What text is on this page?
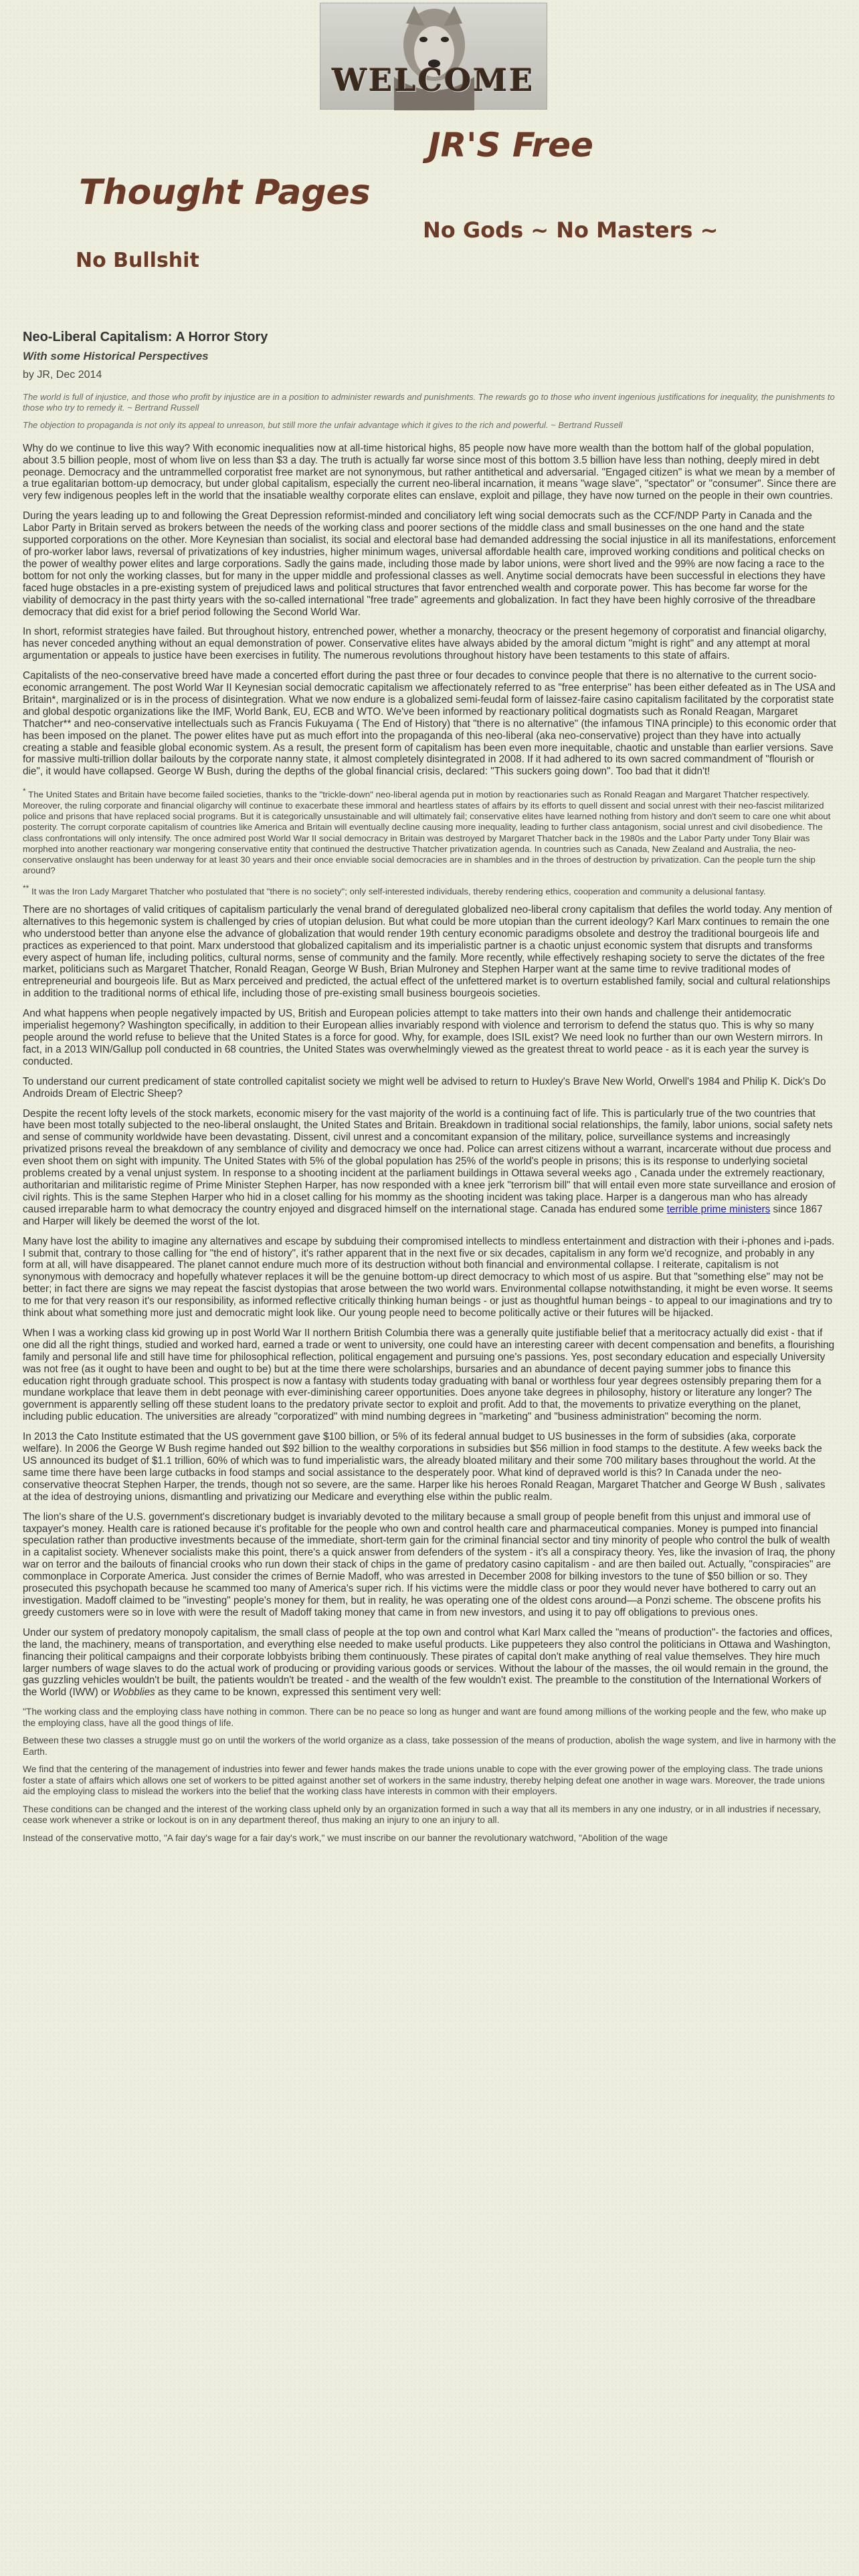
WELCOME
JR'S Free
Thought Pages
No Gods ~ No Masters ~
No Bullshit
Neo-Liberal Capitalism: A Horror Story
With some Historical Perspectives
by JR, Dec 2014

The world is full of injustice, and those who profit by injustice are in a position to administer rewards and punishments. The rewards go to those who invent ingenious justifications for inequality, the punishments to those who try to remedy it. ~ Bertrand Russell

The objection to propaganda is not only its appeal to unreason, but still more the unfair advantage which it gives to the rich and powerful. ~ Bertrand Russell

Why do we continue to live this way? With economic inequalities now at all-time historical highs, 85 people now have more wealth than the bottom half of the global population, about 3.5 billion people, most of whom live on less than $3 a day. The truth is actually far worse since most of this bottom 3.5 billion have less than nothing, deeply mired in debt peonage. Democracy and the untrammelled corporatist free market are not synonymous, but rather antithetical and adversarial. "Engaged citizen" is what we mean by a member of a true egalitarian bottom-up democracy, but under global capitalism, especially the current neo-liberal incarnation, it means "wage slave", "spectator" or "consumer". Since there are very few indigenous peoples left in the world that the insatiable wealthy corporate elites can enslave, exploit and pillage, they have now turned on the people in their own countries.

During the years leading up to and following the Great Depression reformist-minded and conciliatory left wing social democrats such as the CCF/NDP Party in Canada and the Labor Party in Britain served as brokers between the needs of the working class and poorer sections of the middle class and small businesses on the one hand and the state supported corporations on the other. More Keynesian than socialist, its social and electoral base had demanded addressing the social injustice in all its manifestations, enforcement of pro-worker labor laws, reversal of privatizations of key industries, higher minimum wages, universal affordable health care, improved working conditions and political checks on the power of wealthy power elites and large corporations. Sadly the gains made, including those made by labor unions, were short lived and the 99% are now facing a race to the bottom for not only the working classes, but for many in the upper middle and professional classes as well. Anytime social democrats have been successful in elections they have faced huge obstacles in a pre-existing system of prejudiced laws and political structures that favor entrenched wealth and corporate power. This has become far worse for the viability of democracy in the past thirty years with the so-called international "free trade" agreements and globalization. In fact they have been highly corrosive of the threadbare democracy that did exist for a brief period following the Second World War.

In short, reformist strategies have failed. But throughout history, entrenched power, whether a monarchy, theocracy or the present hegemony of corporatist and financial oligarchy, has never conceded anything without an equal demonstration of power. Conservative elites have always abided by the amoral dictum "might is right" and any attempt at moral argumentation or appeals to justice have been exercises in futility. The numerous revolutions throughout history have been testaments to this state of affairs.

Capitalists of the neo-conservative breed have made a concerted effort during the past three or four decades to convince people that there is no alternative to the current socio-economic arrangement. The post World War II Keynesian social democratic capitalism we affectionately referred to as "free enterprise" has been either defeated as in The USA and Britain*, marginalized or is in the process of disintegration. What we now endure is a globalized semi-feudal form of laissez-faire casino capitalism facilitated by the corporatist state and global despotic organizations like the IMF, World Bank, EU, ECB and WTO. We've been informed by reactionary political dogmatists such as Ronald Reagan, Margaret Thatcher** and neo-conservative intellectuals such as Francis Fukuyama ( The End of History) that "there is no alternative" (the infamous TINA principle) to this economic order that has been imposed on the planet. The power elites have put as much effort into the propaganda of this neo-liberal (aka neo-conservative) project than they have into actually creating a stable and feasible global economic system. As a result, the present form of capitalism has been even more inequitable, chaotic and unstable than earlier versions. Save for massive multi-trillion dollar bailouts by the corporate nanny state, it almost completely disintegrated in 2008. If it had adhered to its own sacred commandment of "flourish or die", it would have collapsed. George W Bush, during the depths of the global financial crisis, declared: "This suckers going down". Too bad that it didn't!

* The United States and Britain have become failed societies, thanks to the "trickle-down" neo-liberal agenda put in motion by reactionaries such as Ronald Reagan and Margaret Thatcher respectively. Moreover, the ruling corporate and financial oligarchy will continue to exacerbate these immoral and heartless states of affairs by its efforts to quell dissent and social unrest with their neo-fascist militarized police and prisons that have replaced social programs. But it is categorically unsustainable and will ultimately fail; conservative elites have learned nothing from history and don't seem to care one whit about posterity. The corrupt corporate capitalism of countries like America and Britain will eventually decline causing more inequality, leading to further class antagonism, social unrest and civil disobedience. The class confrontations will only intensify. The once admired post World War II social democracy in Britain was destroyed by Margaret Thatcher back in the 1980s and the Labor Party under Tony Blair was morphed into another reactionary war mongering conservative entity that continued the destructive Thatcher privatization agenda. In countries such as Canada, New Zealand and Australia, the neo-conservative onslaught has been underway for at least 30 years and their once enviable social democracies are in shambles and in the throes of destruction by privatization. Can the people turn the ship around?

** It was the Iron Lady Margaret Thatcher who postulated that "there is no society"; only self-interested individuals, thereby rendering ethics, cooperation and community a delusional fantasy.

There are no shortages of valid critiques of capitalism particularly the venal brand of deregulated globalized neo-liberal crony capitalism that defiles the world today. Any mention of alternatives to this hegemonic system is challenged by cries of utopian delusion. But what could be more utopian than the current ideology? Karl Marx continues to remain the one who understood better than anyone else the advance of globalization that would render 19th century economic paradigms obsolete and destroy the traditional bourgeois life and practices as experienced to that point. Marx understood that globalized capitalism and its imperialistic partner is a chaotic unjust economic system that disrupts and transforms every aspect of human life, including politics, cultural norms, sense of community and the family. More recently, while effectively reshaping society to serve the dictates of the free market, politicians such as Margaret Thatcher, Ronald Reagan, George W Bush, Brian Mulroney and Stephen Harper want at the same time to revive traditional modes of entrepreneurial and bourgeois life. But as Marx perceived and predicted, the actual effect of the unfettered market is to overturn established family, social and cultural relationships in addition to the traditional norms of ethical life, including those of pre-existing small business bourgeois societies.

And what happens when people negatively impacted by US, British and European policies attempt to take matters into their own hands and challenge their antidemocratic imperialist hegemony? Washington specifically, in addition to their European allies invariably respond with violence and terrorism to defend the status quo. This is why so many people around the world refuse to believe that the United States is a force for good. Why, for example, does ISIL exist? We need look no further than our own Western mirrors. In fact, in a 2013 WIN/Gallup poll conducted in 68 countries, the United States was overwhelmingly viewed as the greatest threat to world peace - as it is each year the survey is conducted.

To understand our current predicament of state controlled capitalist society we might well be advised to return to Huxley's Brave New World, Orwell's 1984 and Philip K. Dick's Do Androids Dream of Electric Sheep?

Despite the recent lofty levels of the stock markets, economic misery for the vast majority of the world is a continuing fact of life. This is particularly true of the two countries that have been most totally subjected to the neo-liberal onslaught, the United States and Britain. Breakdown in traditional social relationships, the family, labor unions, social safety nets and sense of community worldwide have been devastating. Dissent, civil unrest and a concomitant expansion of the military, police, surveillance systems and increasingly privatized prisons reveal the breakdown of any semblance of civility and democracy we once had. Police can arrest citizens without a warrant, incarcerate without due process and even shoot them on sight with impunity. The United States with 5% of the global population has 25% of the world's people in prisons; this is its response to underlying societal problems created by a venal unjust system. In response to a shooting incident at the parliament buildings in Ottawa several weeks ago , Canada under the extremely reactionary, authoritarian and militaristic regime of Prime Minister Stephen Harper, has now responded with a knee jerk "terrorism bill" that will entail even more state surveillance and erosion of civil rights. This is the same Stephen Harper who hid in a closet calling for his mommy as the shooting incident was taking place. Harper is a dangerous man who has already caused irreparable harm to what democracy the country enjoyed and disgraced himself on the international stage. Canada has endured some terrible prime ministers since 1867 and Harper will likely be deemed the worst of the lot.

Many have lost the ability to imagine any alternatives and escape by subduing their compromised intellects to mindless entertainment and distraction with their i-phones and i-pads. I submit that, contrary to those calling for "the end of history", it's rather apparent that in the next five or six decades, capitalism in any form we'd recognize, and probably in any form at all, will have disappeared. The planet cannot endure much more of its destruction without both financial and environmental collapse. I reiterate, capitalism is not synonymous with democracy and hopefully whatever replaces it will be the genuine bottom-up direct democracy to which most of us aspire. But that "something else" may not be better; in fact there are signs we may repeat the fascist dystopias that arose between the two world wars. Environmental collapse notwithstanding, it might be even worse. It seems to me for that very reason it's our responsibility, as informed reflective critically thinking human beings - or just as thoughtful human beings - to appeal to our imaginations and try to think about what something more just and democratic might look like. Our young people need to become politically active or their futures will be hijacked.

When I was a working class kid growing up in post World War II northern British Columbia there was a generally quite justifiable belief that a meritocracy actually did exist - that if one did all the right things, studied and worked hard, earned a trade or went to university, one could have an interesting career with decent compensation and benefits, a flourishing family and personal life and still have time for philosophical reflection, political engagement and pursuing one's passions. Yes, post secondary education and especially University was not free (as it ought to have been and ought to be) but at the time there were scholarships, bursaries and an abundance of decent paying summer jobs to finance this education right through graduate school. This prospect is now a fantasy with students today graduating with banal or worthless four year degrees ostensibly preparing them for a mundane workplace that leave them in debt peonage with ever-diminishing career opportunities. Does anyone take degrees in philosophy, history or literature any longer? The government is apparently selling off these student loans to the predatory private sector to exploit and profit. Add to that, the movements to privatize everything on the planet, including public education. The universities are already "corporatized" with mind numbing degrees in "marketing" and "business administration" becoming the norm.

In 2013 the Cato Institute estimated that the US government gave $100 billion, or 5% of its federal annual budget to US businesses in the form of subsidies (aka, corporate welfare). In 2006 the George W Bush regime handed out $92 billion to the wealthy corporations in subsidies but $56 million in food stamps to the destitute. A few weeks back the US announced its budget of $1.1 trillion, 60% of which was to fund imperialistic wars, the already bloated military and their some 700 military bases throughout the world. At the same time there have been large cutbacks in food stamps and social assistance to the desperately poor. What kind of depraved world is this? In Canada under the neo-conservative theocrat Stephen Harper, the trends, though not so severe, are the same. Harper like his heroes Ronald Reagan, Margaret Thatcher and George W Bush , salivates at the idea of destroying unions, dismantling and privatizing our Medicare and everything else within the public realm.

The lion's share of the U.S. government's discretionary budget is invariably devoted to the military because a small group of people benefit from this unjust and immoral use of taxpayer's money. Health care is rationed because it's profitable for the people who own and control health care and pharmaceutical companies. Money is pumped into financial speculation rather than productive investments because of the immediate, short-term gain for the criminal financial sector and tiny minority of people who control the bulk of wealth in a capitalist society. Whenever socialists make this point, there's a quick answer from defenders of the system - it's all a conspiracy theory. Yes, like the invasion of Iraq, the phony war on terror and the bailouts of financial crooks who run down their stack of chips in the game of predatory casino capitalism - and are then bailed out. Actually, "conspiracies" are commonplace in Corporate America. Just consider the crimes of Bernie Madoff, who was arrested in December 2008 for bilking investors to the tune of $50 billion or so. They prosecuted this psychopath because he scammed too many of America's super rich. If his victims were the middle class or poor they would never have bothered to carry out an investigation. Madoff claimed to be "investing" people's money for them, but in reality, he was operating one of the oldest cons around—a Ponzi scheme. The obscene profits his greedy customers were so in love with were the result of Madoff taking money that came in from new investors, and using it to pay off obligations to previous ones.

Under our system of predatory monopoly capitalism, the small class of people at the top own and control what Karl Marx called the "means of production"- the factories and offices, the land, the machinery, means of transportation, and everything else needed to make useful products. Like puppeteers they also control the politicians in Ottawa and Washington, financing their political campaigns and their corporate lobbyists bribing them continuously. These pirates of capital don't make anything of real value themselves. They hire much larger numbers of wage slaves to do the actual work of producing or providing various goods or services. Without the labour of the masses, the oil would remain in the ground, the gas guzzling vehicles wouldn't be built, the patients wouldn't be treated - and the wealth of the few wouldn't exist. The preamble to the constitution of the International Workers of the World (IWW) or Wobblies as they came to be known, expressed this sentiment very well:

"The working class and the employing class have nothing in common. There can be no peace so long as hunger and want are found among millions of the working people and the few, who make up the employing class, have all the good things of life.

Between these two classes a struggle must go on until the workers of the world organize as a class, take possession of the means of production, abolish the wage system, and live in harmony with the Earth.

We find that the centering of the management of industries into fewer and fewer hands makes the trade unions unable to cope with the ever growing power of the employing class. The trade unions foster a state of affairs which allows one set of workers to be pitted against another set of workers in the same industry, thereby helping defeat one another in wage wars. Moreover, the trade unions aid the employing class to mislead the workers into the belief that the working class have interests in common with their employers.

These conditions can be changed and the interest of the working class upheld only by an organization formed in such a way that all its members in any one industry, or in all industries if necessary, cease work whenever a strike or lockout is on in any department thereof, thus making an injury to one an injury to all.

Instead of the conservative motto, "A fair day's wage for a fair day's work," we must inscribe on our banner the revolutionary watchword, "Abolition of the wage
